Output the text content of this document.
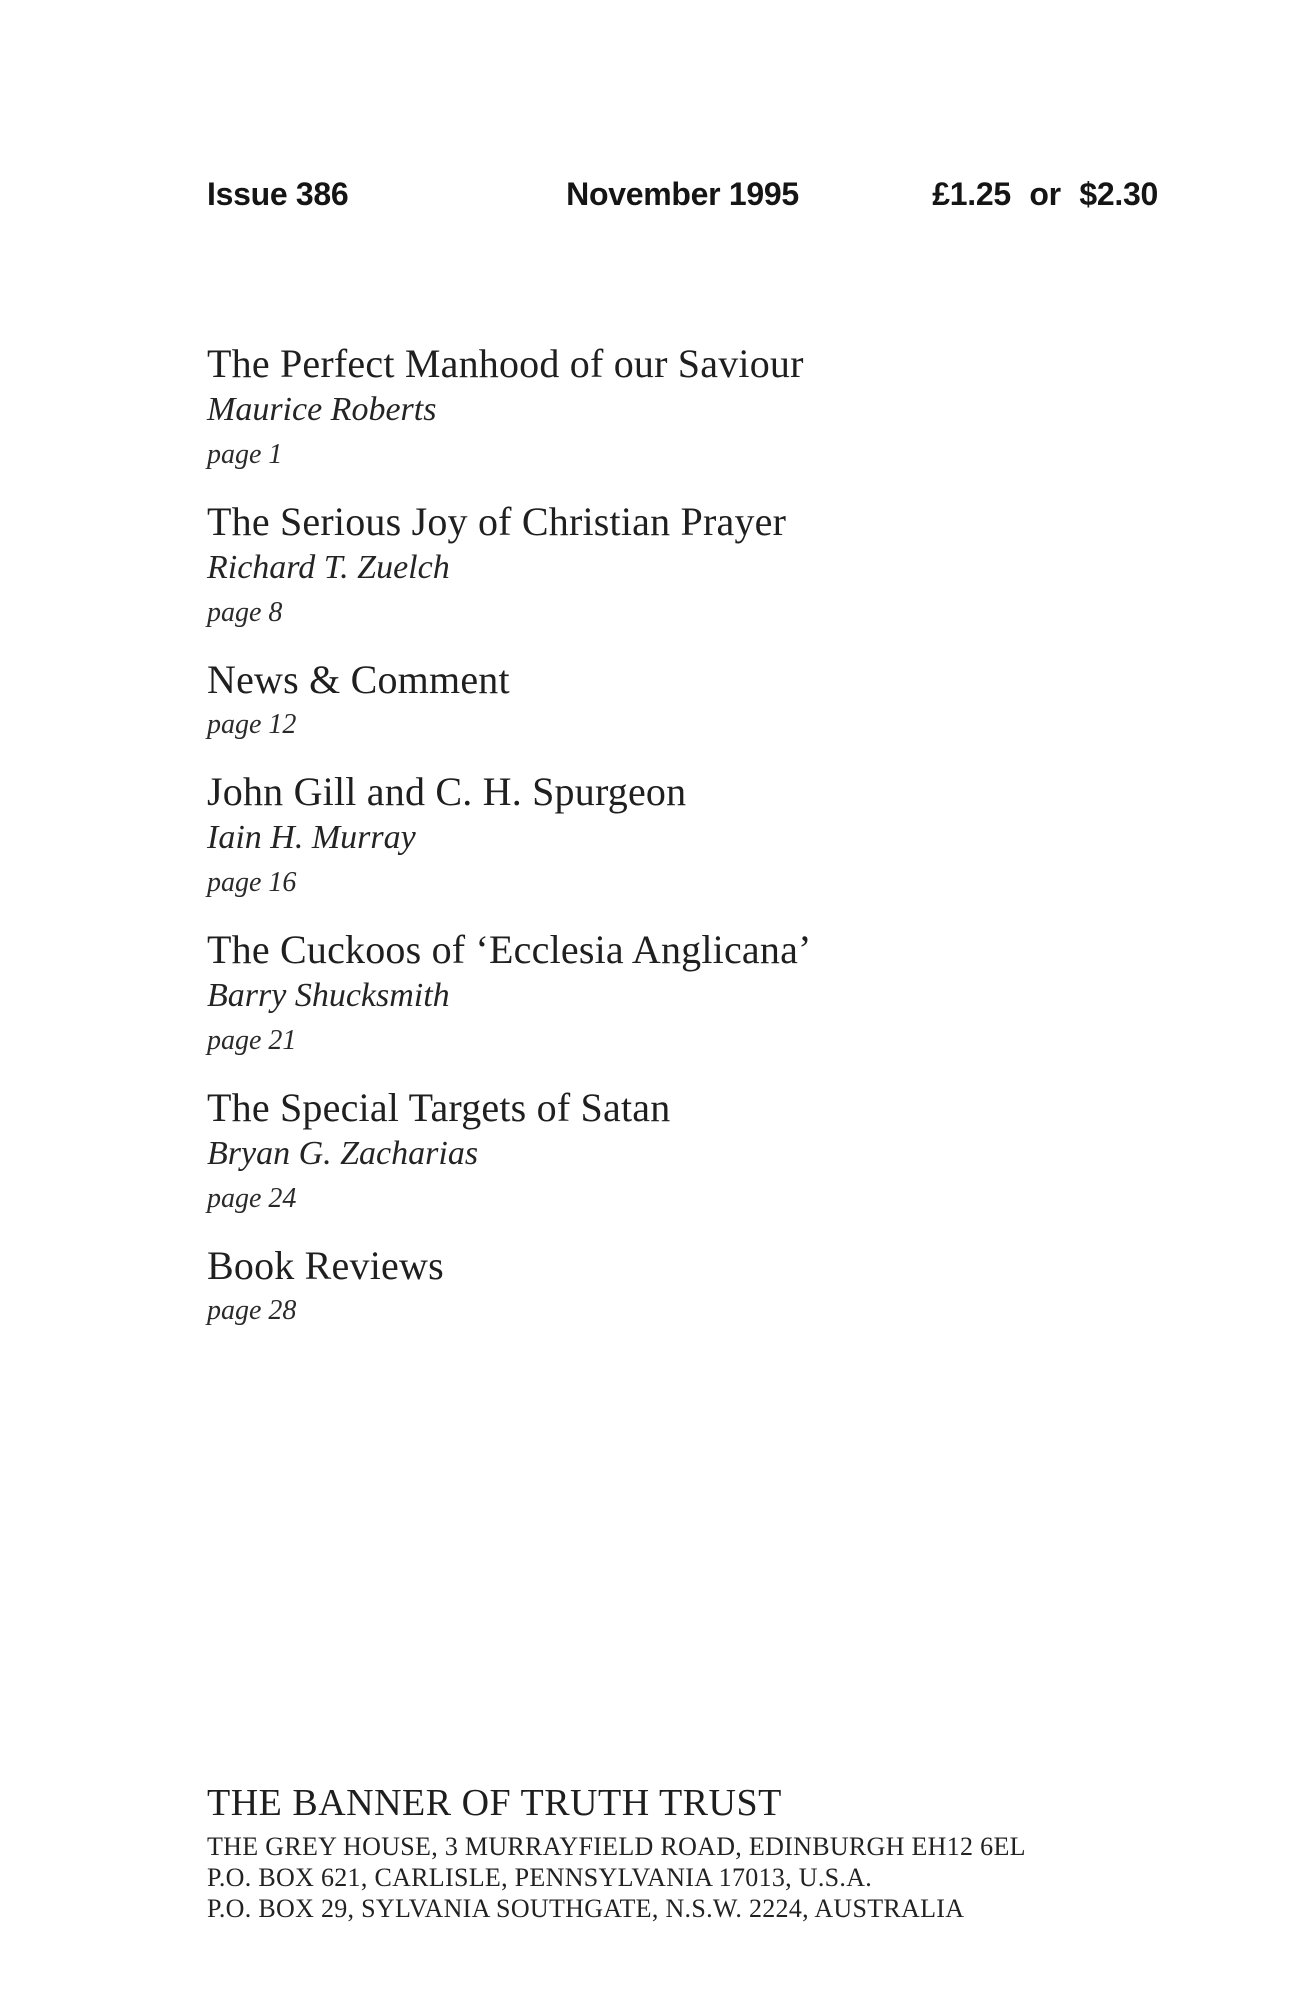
Issue 386	November 1995	£1.25 or $2.30
The Perfect Manhood of our Saviour
Maurice Roberts
page 1
The Serious Joy of Christian Prayer
Richard T. Zuelch
page 8
News & Comment
page 12
John Gill and C. H. Spurgeon
Iain H. Murray
page 16
The Cuckoos of ‘Ecclesia Anglicana’
Barry Shucksmith
page 21
The Special Targets of Satan
Bryan G. Zacharias
page 24
Book Reviews
page 28
THE BANNER OF TRUTH TRUST
THE GREY HOUSE, 3 MURRAYFIELD ROAD, EDINBURGH EH12 6EL
P.O. BOX 621, CARLISLE, PENNSYLVANIA 17013, U.S.A.
P.O. BOX 29, SYLVANIA SOUTHGATE, N.S.W. 2224, AUSTRALIA
